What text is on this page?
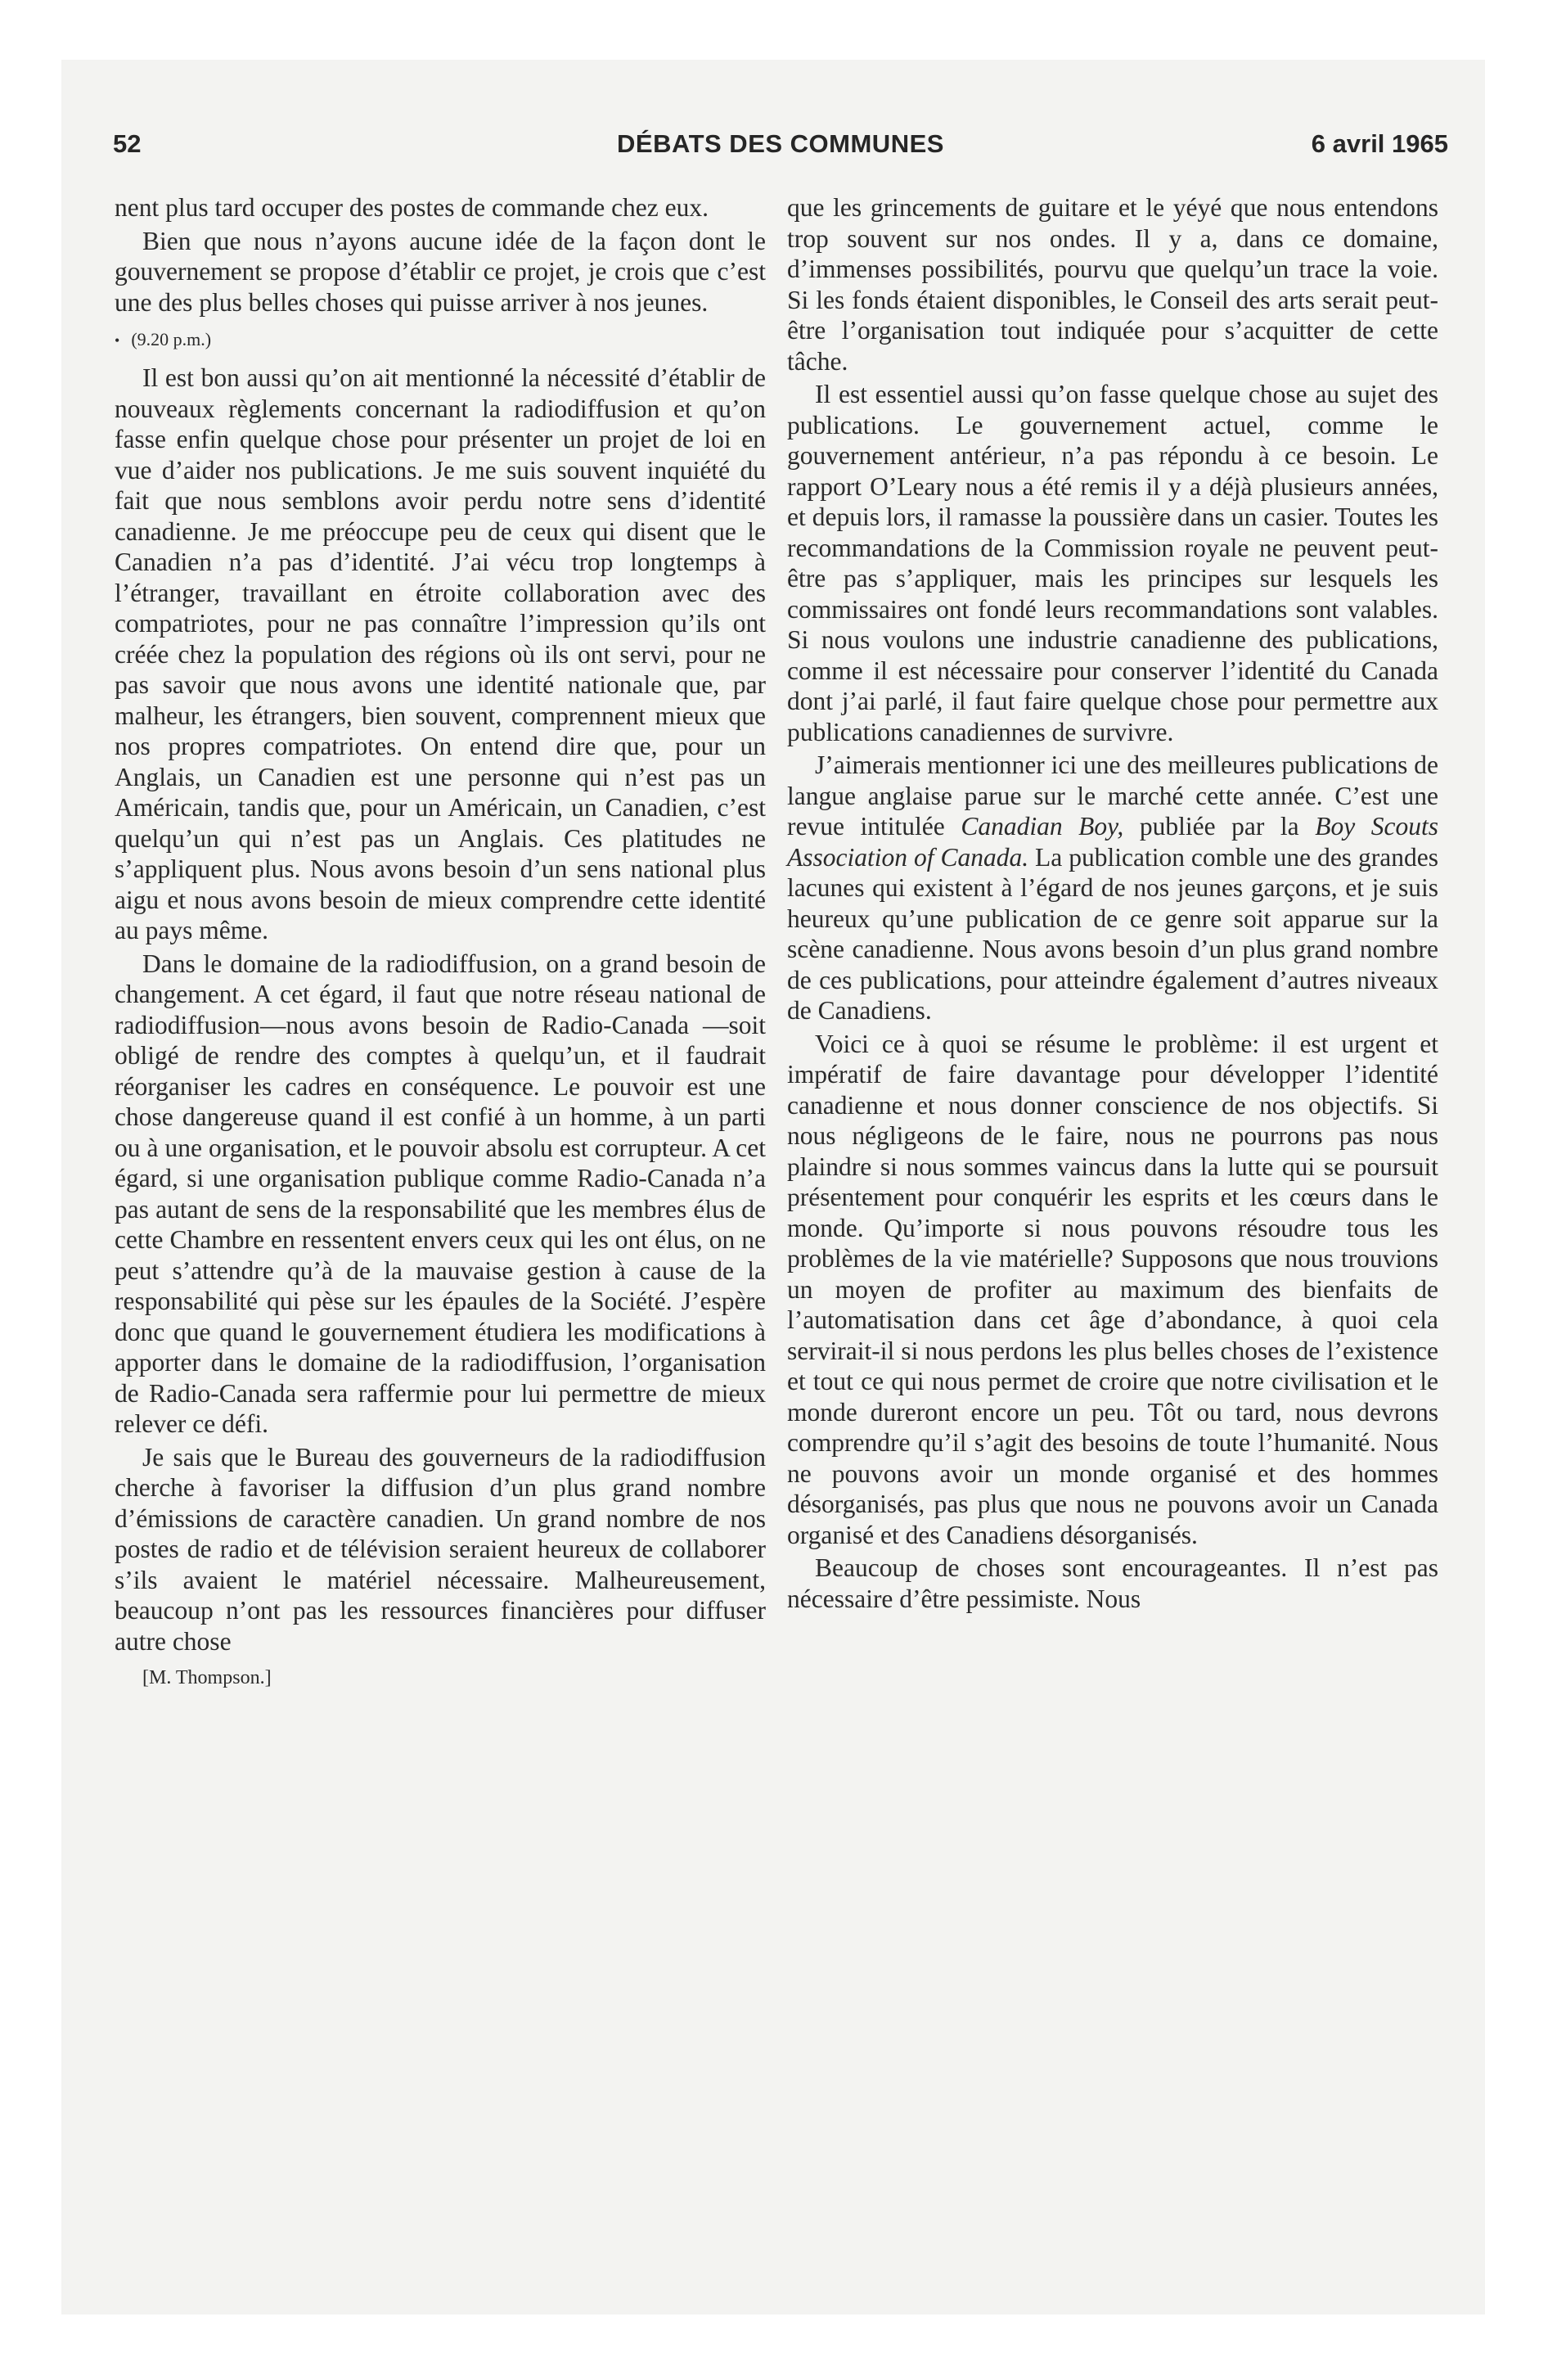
52	DÉBATS DES COMMUNES	6 avril 1965

nent plus tard occuper des postes de commande chez eux.

Bien que nous n’ayons aucune idée de la façon dont le gouvernement se propose d’établir ce projet, je crois que c’est une des plus belles choses qui puisse arriver à nos jeunes.

• (9.20 p.m.)

Il est bon aussi qu’on ait mentionné la nécessité d’établir de nouveaux règlements concernant la radiodiffusion et qu’on fasse enfin quelque chose pour présenter un projet de loi en vue d’aider nos publications. Je me suis souvent inquiété du fait que nous semblons avoir perdu notre sens d’identité canadienne. Je me préoccupe peu de ceux qui disent que le Canadien n’a pas d’identité. J’ai vécu trop longtemps à l’étranger, travaillant en étroite collaboration avec des compatriotes, pour ne pas connaître l’impression qu’ils ont créée chez la population des régions où ils ont servi, pour ne pas savoir que nous avons une identité nationale que, par malheur, les étrangers, bien souvent, comprennent mieux que nos propres compatriotes. On entend dire que, pour un Anglais, un Canadien est une personne qui n’est pas un Américain, tandis que, pour un Américain, un Canadien, c’est quelqu’un qui n’est pas un Anglais. Ces platitudes ne s’appliquent plus. Nous avons besoin d’un sens national plus aigu et nous avons besoin de mieux comprendre cette identité au pays même.

Dans le domaine de la radiodiffusion, on a grand besoin de changement. A cet égard, il faut que notre réseau national de radiodiffusion—nous avons besoin de Radio-Canada —soit obligé de rendre des comptes à quelqu’un, et il faudrait réorganiser les cadres en conséquence. Le pouvoir est une chose dangereuse quand il est confié à un homme, à un parti ou à une organisation, et le pouvoir absolu est corrupteur. A cet égard, si une organisation publique comme Radio-Canada n’a pas autant de sens de la responsabilité que les membres élus de cette Chambre en ressentent envers ceux qui les ont élus, on ne peut s’attendre qu’à de la mauvaise gestion à cause de la responsabilité qui pèse sur les épaules de la Société. J’espère donc que quand le gouvernement étudiera les modifications à apporter dans le domaine de la radiodiffusion, l’organisation de Radio-Canada sera raffermie pour lui permettre de mieux relever ce défi.

Je sais que le Bureau des gouverneurs de la radiodiffusion cherche à favoriser la diffusion d’un plus grand nombre d’émissions de caractère canadien. Un grand nombre de nos postes de radio et de télévision seraient heureux de collaborer s’ils avaient le matériel nécessaire. Malheureusement, beaucoup n’ont pas les ressources financières pour diffuser autre chose

[M. Thompson.]

que les grincements de guitare et le yéyé que nous entendons trop souvent sur nos ondes. Il y a, dans ce domaine, d’immenses possibilités, pourvu que quelqu’un trace la voie. Si les fonds étaient disponibles, le Conseil des arts serait peut-être l’organisation tout indiquée pour s’acquitter de cette tâche.

Il est essentiel aussi qu’on fasse quelque chose au sujet des publications. Le gouvernement actuel, comme le gouvernement antérieur, n’a pas répondu à ce besoin. Le rapport O’Leary nous a été remis il y a déjà plusieurs années, et depuis lors, il ramasse la poussière dans un casier. Toutes les recommandations de la Commission royale ne peuvent peut-être pas s’appliquer, mais les principes sur lesquels les commissaires ont fondé leurs recommandations sont valables. Si nous voulons une industrie canadienne des publications, comme il est nécessaire pour conserver l’identité du Canada dont j’ai parlé, il faut faire quelque chose pour permettre aux publications canadiennes de survivre.

J’aimerais mentionner ici une des meilleures publications de langue anglaise parue sur le marché cette année. C’est une revue intitulée Canadian Boy, publiée par la Boy Scouts Association of Canada. La publication comble une des grandes lacunes qui existent à l’égard de nos jeunes garçons, et je suis heureux qu’une publication de ce genre soit apparue sur la scène canadienne. Nous avons besoin d’un plus grand nombre de ces publications, pour atteindre également d’autres niveaux de Canadiens.

Voici ce à quoi se résume le problème: il est urgent et impératif de faire davantage pour développer l’identité canadienne et nous donner conscience de nos objectifs. Si nous négligeons de le faire, nous ne pourrons pas nous plaindre si nous sommes vaincus dans la lutte qui se poursuit présentement pour conquérir les esprits et les cœurs dans le monde. Qu’importe si nous pouvons résoudre tous les problèmes de la vie matérielle? Supposons que nous trouvions un moyen de profiter au maximum des bienfaits de l’automatisation dans cet âge d’abondance, à quoi cela servirait-il si nous perdons les plus belles choses de l’existence et tout ce qui nous permet de croire que notre civilisation et le monde dureront encore un peu. Tôt ou tard, nous devrons comprendre qu’il s’agit des besoins de toute l’humanité. Nous ne pouvons avoir un monde organisé et des hommes désorganisés, pas plus que nous ne pouvons avoir un Canada organisé et des Canadiens désorganisés.

Beaucoup de choses sont encourageantes. Il n’est pas nécessaire d’être pessimiste. Nous
